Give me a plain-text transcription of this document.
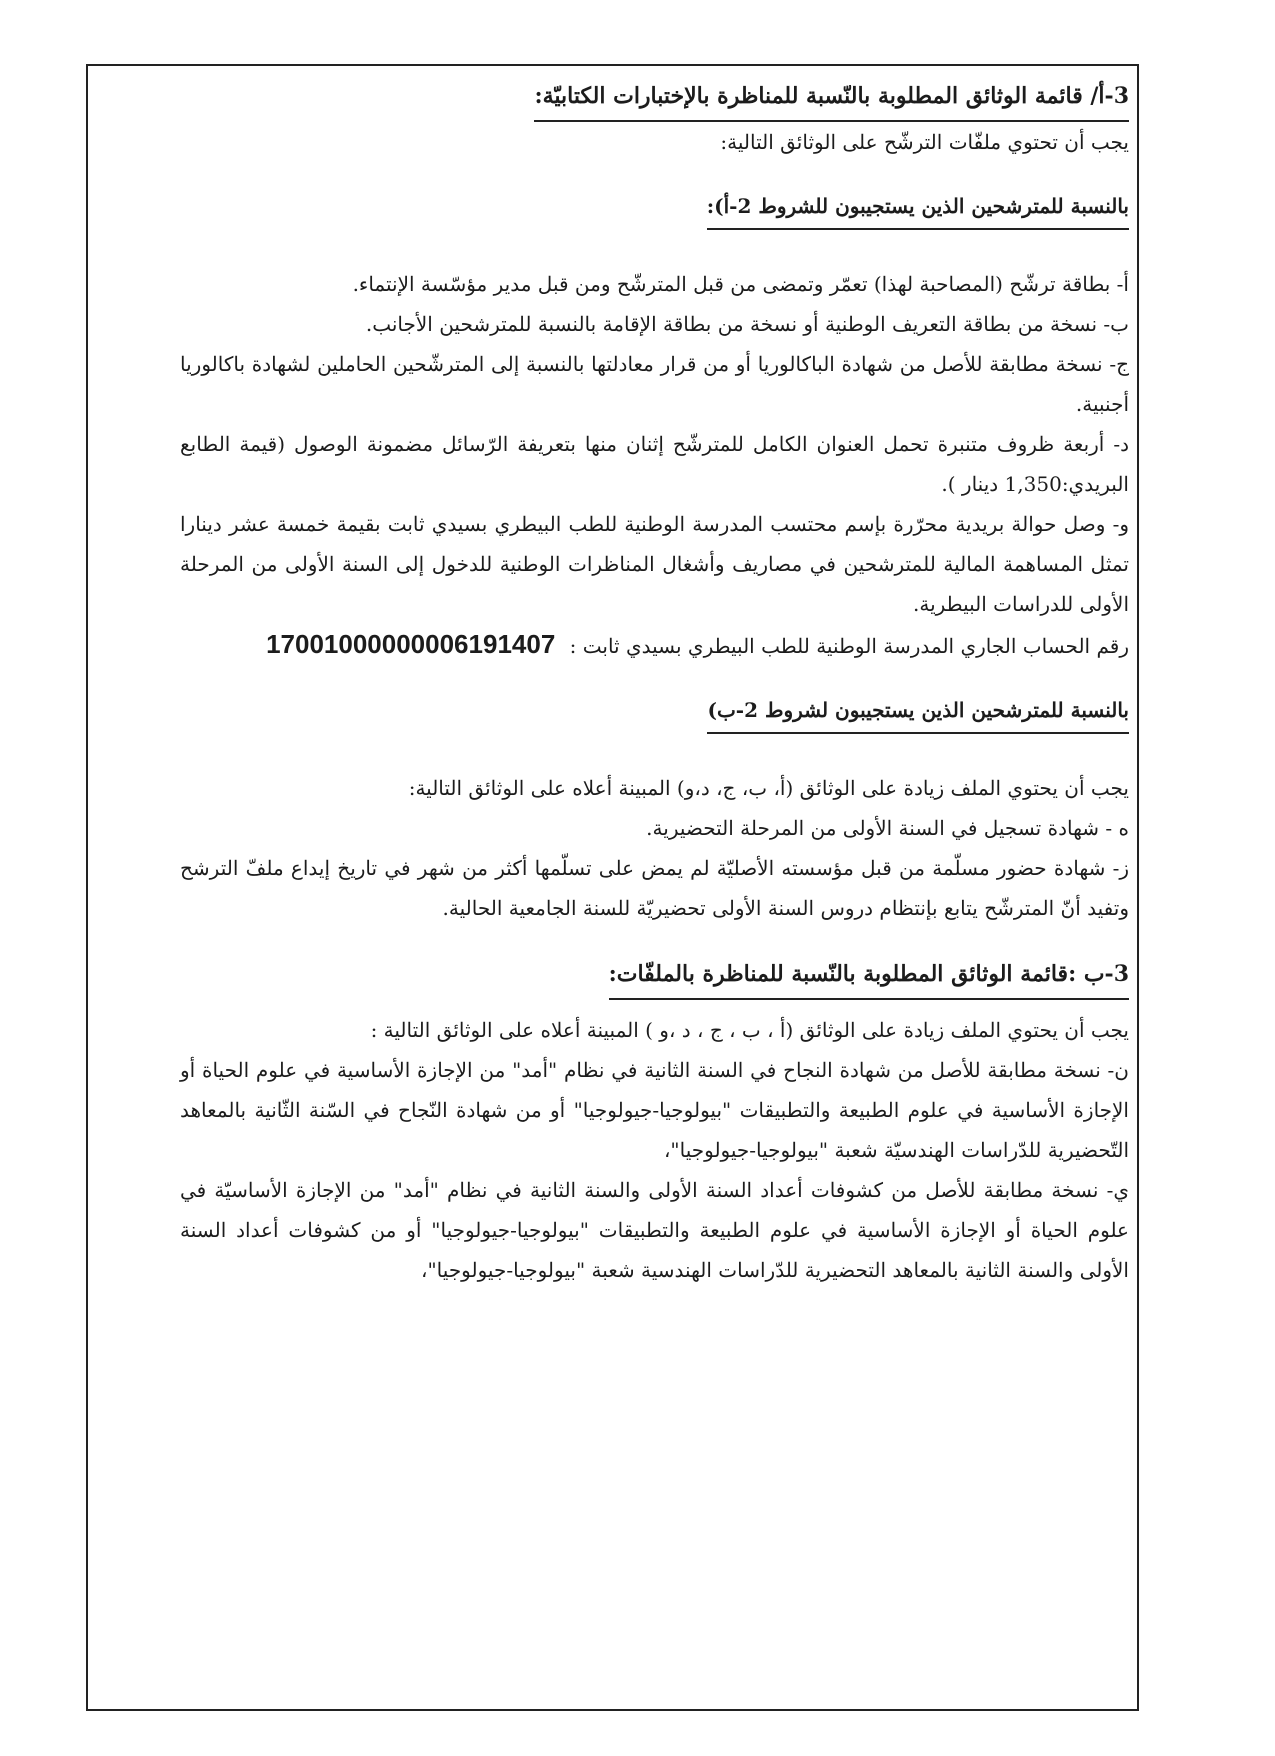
3-أ/ قائمة الوثائق المطلوبة بالنّسبة للمناظرة بالإختبارات الكتابيّة:

يجب أن تحتوي ملفّات الترشّح على الوثائق التالية:

بالنسبة للمترشحين الذين يستجيبون للشروط 2-أ):

أ- بطاقة ترشّح (المصاحبة لهذا) تعمّر وتمضى من قبل المترشّح ومن قبل مدير مؤسّسة الإنتماء.

ب- نسخة من بطاقة التعريف الوطنية أو نسخة من بطاقة الإقامة بالنسبة للمترشحين الأجانب.

ج- نسخة مطابقة للأصل من شهادة الباكالوريا أو من قرار معادلتها بالنسبة إلى المترشّحين الحاملين لشهادة باكالوريا أجنبية.

د- أربعة ظروف متنبرة تحمل العنوان الكامل للمترشّح إثنان منها بتعريفة الرّسائل مضمونة الوصول (قيمة الطابع البريدي:1,350 دينار ).

و- وصل حوالة بريدية محرّرة بإسم محتسب المدرسة الوطنية للطب البيطري بسيدي ثابت بقيمة خمسة عشر دينارا تمثل المساهمة المالية للمترشحين في مصاريف وأشغال المناظرات الوطنية للدخول إلى السنة الأولى من المرحلة الأولى للدراسات البيطرية.

رقم الحساب الجاري المدرسة الوطنية للطب البيطري بسيدي ثابت : 17001000000006191407

بالنسبة للمترشحين الذين يستجيبون لشروط 2-ب)

يجب أن يحتوي الملف زيادة على الوثائق (أ، ب، ج، د،و) المبينة أعلاه على الوثائق التالية:

ه - شهادة تسجيل في السنة الأولى من المرحلة التحضيرية.

ز- شهادة حضور مسلّمة من قبل مؤسسته الأصليّة لم يمض على تسلّمها أكثر من شهر في تاريخ إيداع ملفّ الترشح وتفيد أنّ المترشّح يتابع بإنتظام دروس السنة الأولى تحضيريّة للسنة الجامعية الحالية.

3-ب :قائمة الوثائق المطلوبة بالنّسبة للمناظرة بالملفّات:

يجب أن يحتوي الملف زيادة على الوثائق (أ ، ب ، ج ، د ،و ) المبينة أعلاه على الوثائق التالية :

ن- نسخة مطابقة للأصل من شهادة النجاح في السنة الثانية في نظام "أمد" من الإجازة الأساسية في علوم الحياة أو الإجازة الأساسية في علوم الطبيعة والتطبيقات "بيولوجيا-جيولوجيا" أو من شهادة النّجاح في السّنة الثّانية بالمعاهد التّحضيرية للدّراسات الهندسيّة شعبة "بيولوجيا-جيولوجيا"،

ي- نسخة مطابقة للأصل من كشوفات أعداد السنة الأولى والسنة الثانية في نظام "أمد" من الإجازة الأساسيّة في علوم الحياة أو الإجازة الأساسية في علوم الطبيعة والتطبيقات "بيولوجيا-جيولوجيا" أو من كشوفات أعداد السنة الأولى والسنة الثانية بالمعاهد التحضيرية للدّراسات الهندسية شعبة "بيولوجيا-جيولوجيا"،
